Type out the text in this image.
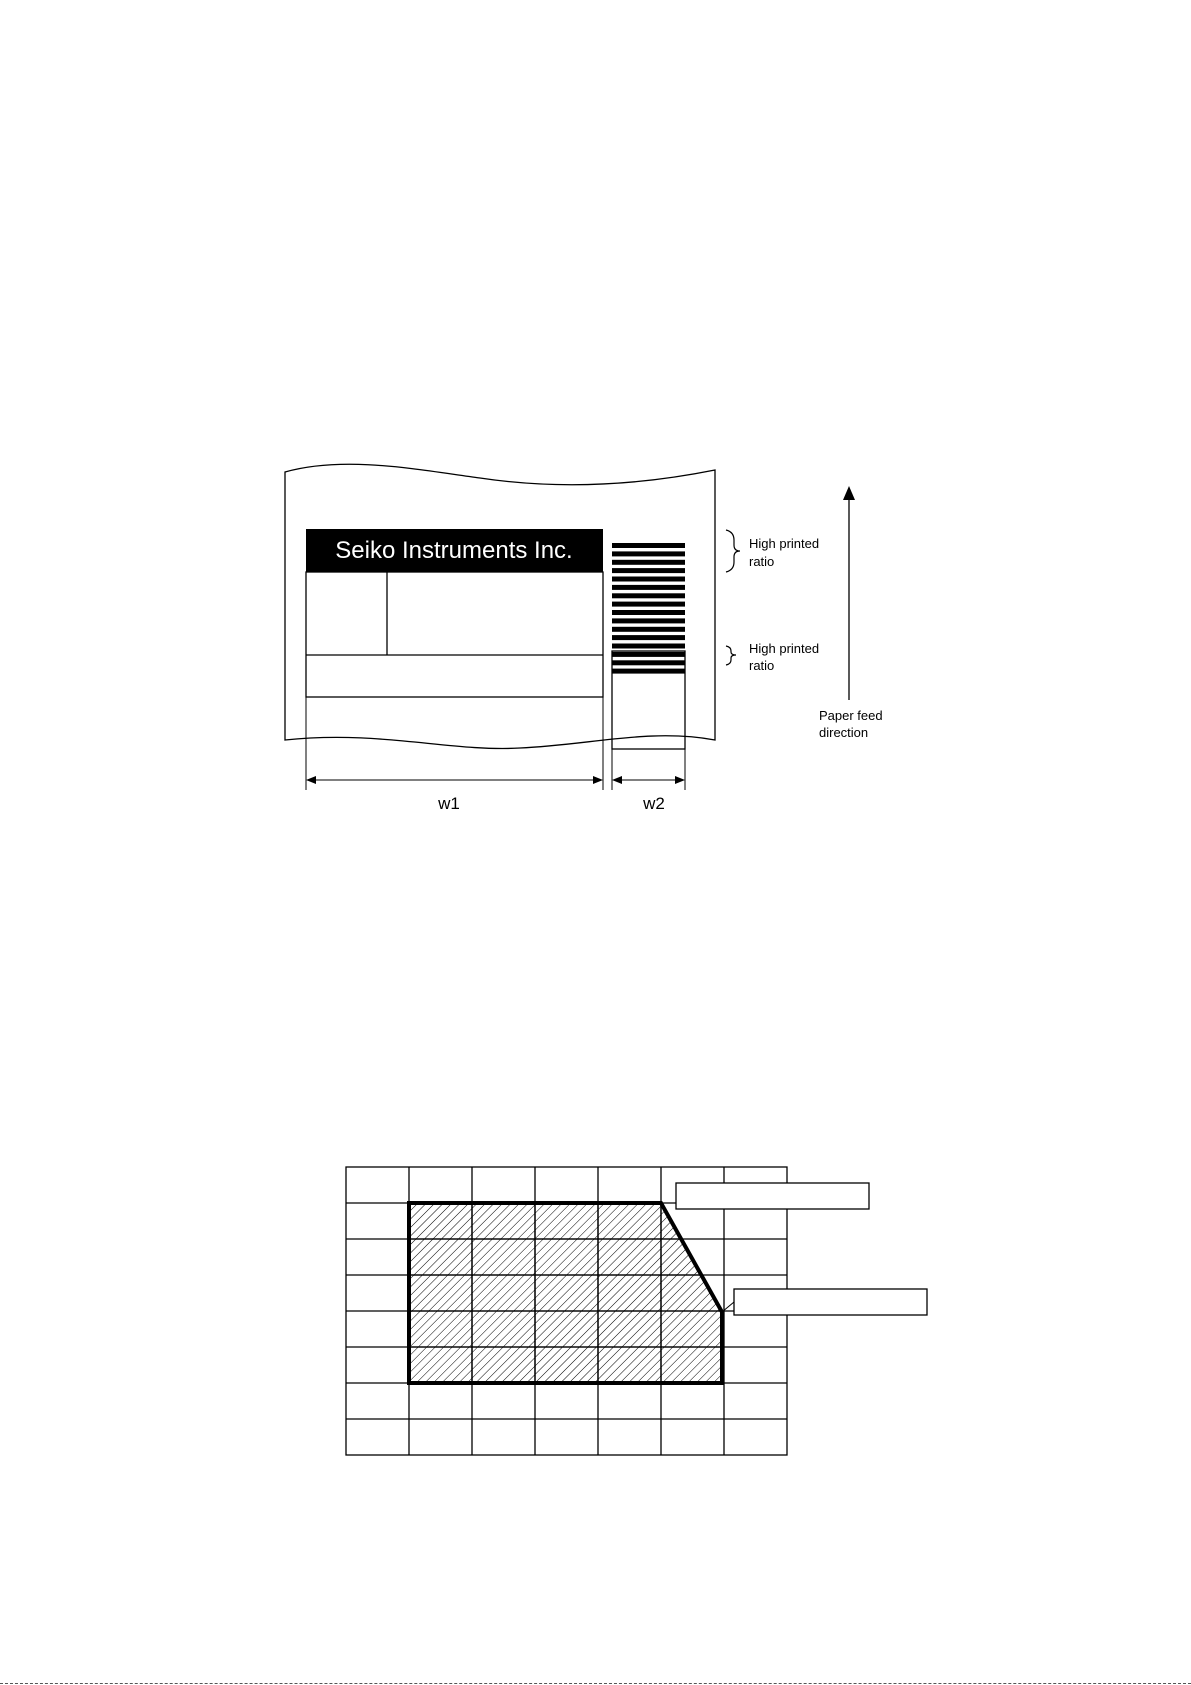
Seiko Instruments Inc.
w1	w2
High printed ratio
High printed ratio
Paper feed direction
